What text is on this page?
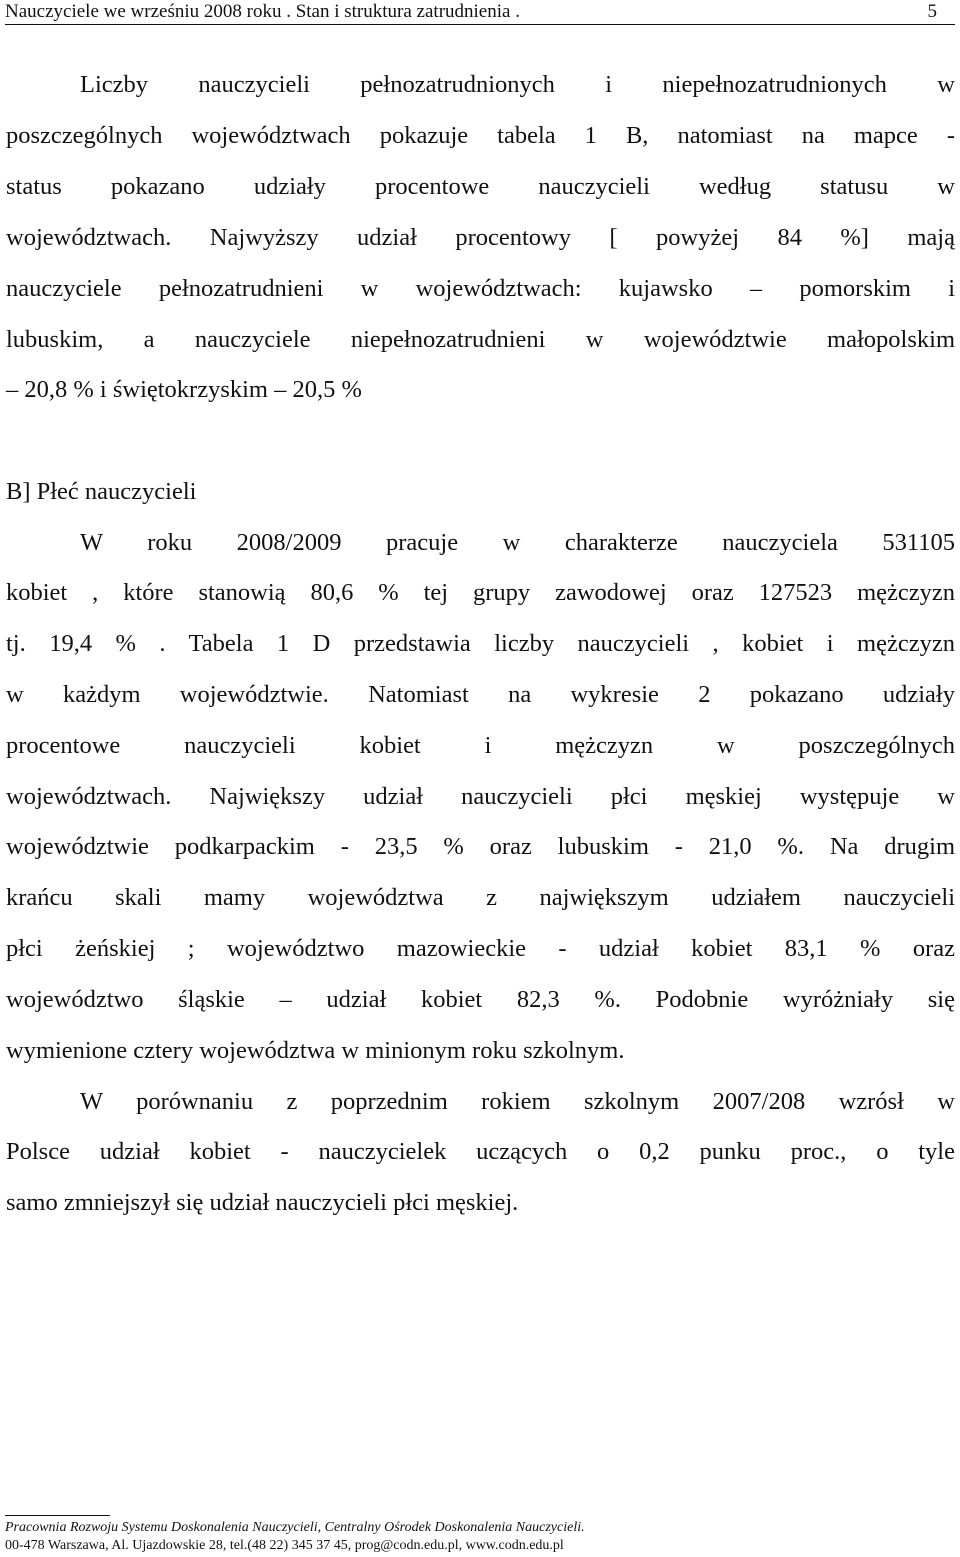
Nauczyciele we wrześniu 2008 roku . Stan i struktura zatrudnienia .	5
Liczby nauczycieli pełnozatrudnionych i niepełnozatrudnionych w
poszczególnych województwach pokazuje tabela 1 B, natomiast na mapce -
status pokazano udziały procentowe nauczycieli według statusu w
województwach. Najwyższy udział procentowy [ powyżej 84 %] mają
nauczyciele pełnozatrudnieni w województwach: kujawsko – pomorskim i
lubuskim, a nauczyciele niepełnozatrudnieni w województwie małopolskim
– 20,8 % i świętokrzyskim – 20,5 %
B] Płeć nauczycieli
W roku 2008/2009 pracuje w charakterze nauczyciela 531105
kobiet , które stanowią 80,6 % tej grupy zawodowej oraz 127523 mężczyzn
tj. 19,4 % . Tabela 1 D przedstawia liczby nauczycieli , kobiet i mężczyzn
w każdym województwie. Natomiast na wykresie 2 pokazano udziały
procentowe nauczycieli kobiet i mężczyzn w poszczególnych
województwach. Największy udział nauczycieli płci męskiej występuje w
województwie podkarpackim - 23,5 % oraz lubuskim - 21,0 %. Na drugim
krańcu skali mamy województwa z największym udziałem nauczycieli
płci żeńskiej ; województwo mazowieckie - udział kobiet 83,1 % oraz
województwo śląskie – udział kobiet 82,3 %. Podobnie wyróżniały się
wymienione cztery województwa w minionym roku szkolnym.
W porównaniu z poprzednim rokiem szkolnym 2007/208 wzrósł w
Polsce udział kobiet - nauczycielek uczących o 0,2 punku proc., o tyle
samo zmniejszył się udział nauczycieli płci męskiej.
Pracownia Rozwoju Systemu Doskonalenia Nauczycieli, Centralny Ośrodek Doskonalenia Nauczycieli.
00-478 Warszawa, Al. Ujazdowskie 28, tel.(48 22) 345 37 45, prog@codn.edu.pl, www.codn.edu.pl
